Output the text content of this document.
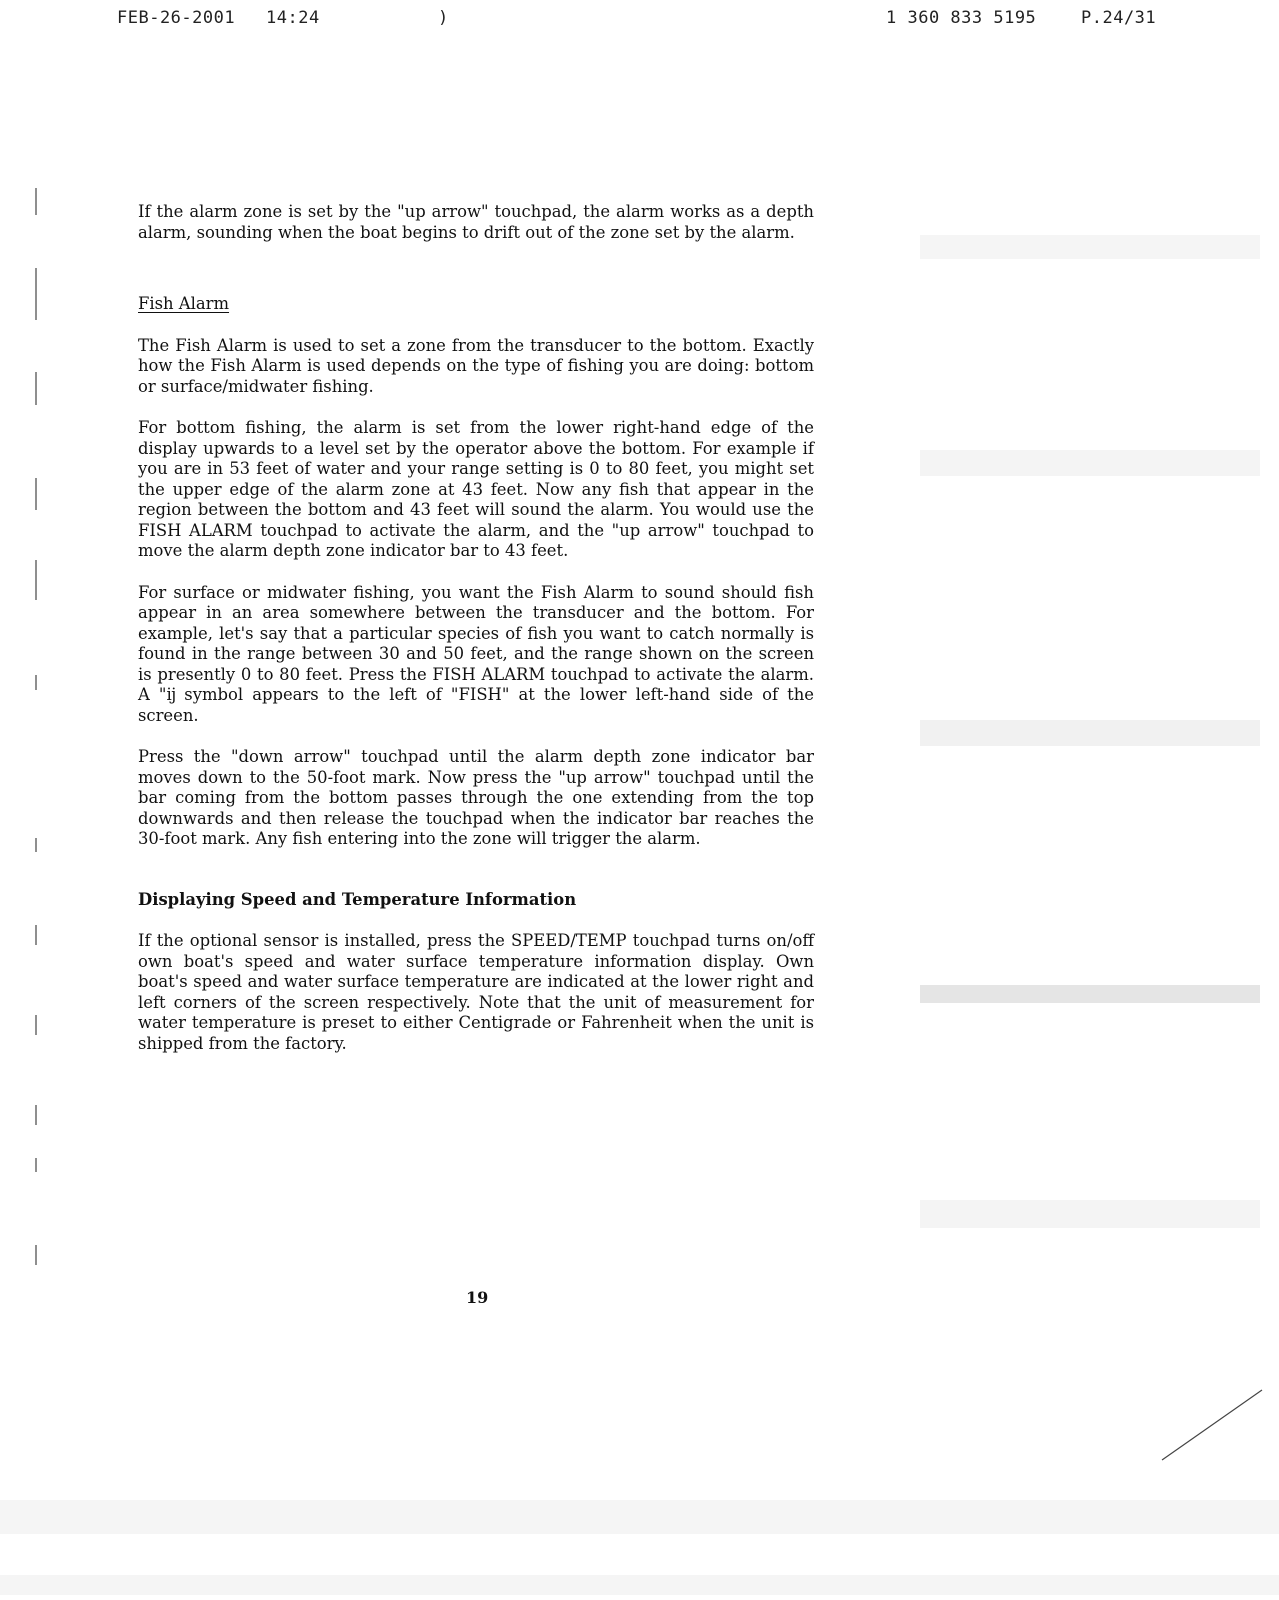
FEB-26-2001 14:24	)	1 360 833 5195	P.24/31

If the alarm zone is set by the "up arrow" touchpad, the alarm works as a depth alarm, sounding when the boat begins to drift out of the zone set by the alarm.

Fish Alarm

The Fish Alarm is used to set a zone from the transducer to the bottom. Exactly how the Fish Alarm is used depends on the type of fishing you are doing: bottom or surface/midwater fishing.

For bottom fishing, the alarm is set from the lower right-hand edge of the display upwards to a level set by the operator above the bottom. For example if you are in 53 feet of water and your range setting is 0 to 80 feet, you might set the upper edge of the alarm zone at 43 feet. Now any fish that appear in the region between the bottom and 43 feet will sound the alarm. You would use the FISH ALARM touchpad to activate the alarm, and the "up arrow" touchpad to move the alarm depth zone indicator bar to 43 feet.

For surface or midwater fishing, you want the Fish Alarm to sound should fish appear in an area somewhere between the transducer and the bottom. For example, let's say that a particular species of fish you want to catch normally is found in the range between 30 and 50 feet, and the range shown on the screen is presently 0 to 80 feet. Press the FISH ALARM touchpad to activate the alarm. A "ĳ symbol appears to the left of "FISH" at the lower left-hand side of the screen.

Press the "down arrow" touchpad until the alarm depth zone indicator bar moves down to the 50-foot mark. Now press the "up arrow" touchpad until the bar coming from the bottom passes through the one extending from the top downwards and then release the touchpad when the indicator bar reaches the 30-foot mark. Any fish entering into the zone will trigger the alarm.

Displaying Speed and Temperature Information

If the optional sensor is installed, press the SPEED/TEMP touchpad turns on/off own boat's speed and water surface temperature information display. Own boat's speed and water surface temperature are indicated at the lower right and left corners of the screen respectively. Note that the unit of measurement for water temperature is preset to either Centigrade or Fahrenheit when the unit is shipped from the factory.

19
